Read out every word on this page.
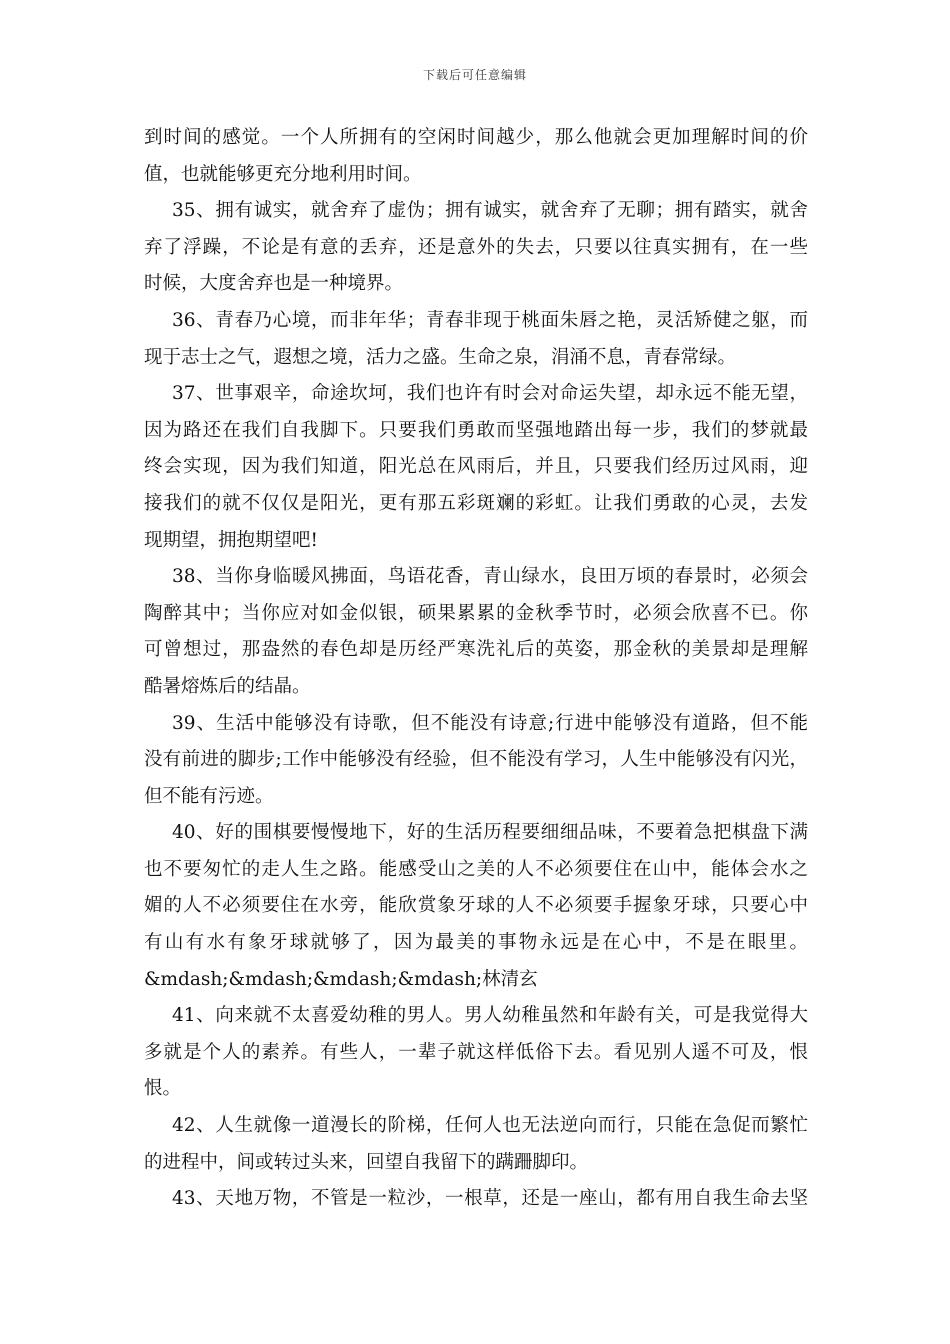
下载后可任意编辑
到时间的感觉。一个人所拥有的空闲时间越少，那么他就会更加理解时间的价
值，也就能够更充分地利用时间。
35、拥有诚实，就舍弃了虚伪；拥有诚实，就舍弃了无聊；拥有踏实，就舍
弃了浮躁，不论是有意的丢弃，还是意外的失去，只要以往真实拥有，在一些
时候，大度舍弃也是一种境界。
36、青春乃心境，而非年华；青春非现于桃面朱唇之艳，灵活矫健之躯，而
现于志士之气，遐想之境，活力之盛。生命之泉，涓涌不息，青春常绿。
37、世事艰辛，命途坎坷，我们也许有时会对命运失望，却永远不能无望，
因为路还在我们自我脚下。只要我们勇敢而坚强地踏出每一步，我们的梦就最
终会实现，因为我们知道，阳光总在风雨后，并且，只要我们经历过风雨，迎
接我们的就不仅仅是阳光，更有那五彩斑斓的彩虹。让我们勇敢的心灵，去发
现期望，拥抱期望吧!
38、当你身临暖风拂面，鸟语花香，青山绿水，良田万顷的春景时，必须会
陶醉其中；当你应对如金似银，硕果累累的金秋季节时，必须会欣喜不已。你
可曾想过，那盎然的春色却是历经严寒洗礼后的英姿，那金秋的美景却是理解
酷暑熔炼后的结晶。
39、生活中能够没有诗歌，但不能没有诗意;行进中能够没有道路，但不能
没有前进的脚步;工作中能够没有经验，但不能没有学习，人生中能够没有闪光，
但不能有污迹。
40、好的围棋要慢慢地下，好的生活历程要细细品味，不要着急把棋盘下满
也不要匆忙的走人生之路。能感受山之美的人不必须要住在山中，能体会水之
媚的人不必须要住在水旁，能欣赏象牙球的人不必须要手握象牙球，只要心中
有山有水有象牙球就够了，因为最美的事物永远是在心中，不是在眼里。
&mdash;&mdash;&mdash;&mdash;林清玄
41、向来就不太喜爱幼稚的男人。男人幼稚虽然和年龄有关，可是我觉得大
多就是个人的素养。有些人，一辈子就这样低俗下去。看见别人遥不可及，恨
恨。
42、人生就像一道漫长的阶梯，任何人也无法逆向而行，只能在急促而繁忙
的进程中，间或转过头来，回望自我留下的蹒跚脚印。
43、天地万物，不管是一粒沙，一根草，还是一座山，都有用自我生命去坚
